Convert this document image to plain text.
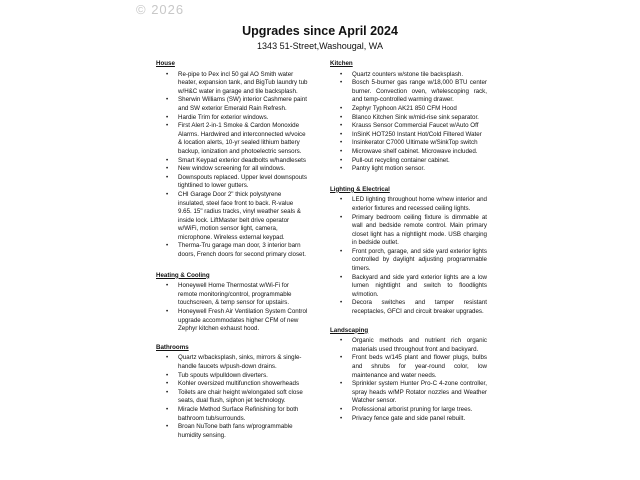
© 2026
Upgrades since April 2024
1343 51-Street,Washougal, WA
House
• Re-pipe to Pex incl 50 gal AO Smith water heater, expansion tank, and BigTub laundry tub w/H&C water in garage and tile backsplash.
• Sherwin Williams (SW) interior Cashmere paint and SW exterior Emerald Rain Refresh.
• Hardie Trim for exterior windows.
• First Alert 2-in-1 Smoke & Cardon Monoxide Alarms. Hardwired and interconnected w/voice & location alerts, 10-yr sealed lithium battery backup, ionization and photoelectric sensors.
• Smart Keypad exterior deadbolts w/handlesets
• New window screening for all windows.
• Downspouts replaced. Upper level downspouts tightlined to lower gutters.
• CHI Garage Door 2" thick polystyrene insulated, steel face front to back. R-value 9.65. 15" radius tracks, vinyl weather seals & inside lock. LiftMaster belt drive operator w/WiFi, motion sensor light, camera, microphone. Wireless external keypad.
• Therma-Tru garage man door, 3 interior barn doors, French doors for second primary closet.
Heating & Cooling
• Honeywell Home Thermostat w/Wi-Fi for remote monitoring/control, programmable touchscreen, & temp sensor for upstairs.
• Honeywell Fresh Air Ventilation System Control upgrade accommodates higher CFM of new Zephyr kitchen exhaust hood.
Bathrooms
• Quartz w/backsplash, sinks, mirrors & single-handle faucets w/push-down drains.
• Tub spouts w/pulldown diverters.
• Kohler oversized multifunction showerheads
• Toilets are chair height w/elongated soft close seats, dual flush, siphon jet technology.
• Miracle Method Surface Refinishing for both bathroom tub/surrounds.
• Broan NuTone bath fans w/programmable humidity sensing.
Kitchen
• Quartz counters w/stone tile backsplash.
• Bosch 5-burner gas range w/18,000 BTU center burner. Convection oven, w/telescoping rack, and temp-controlled warming drawer.
• Zephyr Typhoon AK21 850 CFM Hood
• Blanco Kitchen Sink w/mid-rise sink separator.
• Krauss Sensor Commercial Faucet w/Auto Off
• InSinK HOT250 Instant Hot/Cold Filtered Water
• Insinkerator C7000 Ultimate w/SinkTop switch
• Microwave shelf cabinet. Microwave included.
• Pull-out recycling container cabinet.
• Pantry light motion sensor.
Lighting & Electrical
• LED lighting throughout home w/new interior and exterior fixtures and recessed ceiling lights.
• Primary bedroom ceiling fixture is dimmable at wall and bedside remote control. Main primary closet light has a nightlight mode. USB charging in bedside outlet.
• Front porch, garage, and side yard exterior lights controlled by daylight adjusting programmable timers.
• Backyard and side yard exterior lights are a low lumen nightlight and switch to floodlights w/motion.
• Decora switches and tamper resistant receptacles, GFCI and circuit breaker upgrades.
Landscaping
• Organic methods and nutrient rich organic materials used throughout front and backyard.
• Front beds w/145 plant and flower plugs, bulbs and shrubs for year-round color, low maintenance and water needs.
• Sprinkler system Hunter Pro-C 4-zone controller, spray heads w/MP Rotator nozzles and Weather Watcher sensor.
• Professional arborist pruning for large trees.
• Privacy fence gate and side panel rebuilt.
